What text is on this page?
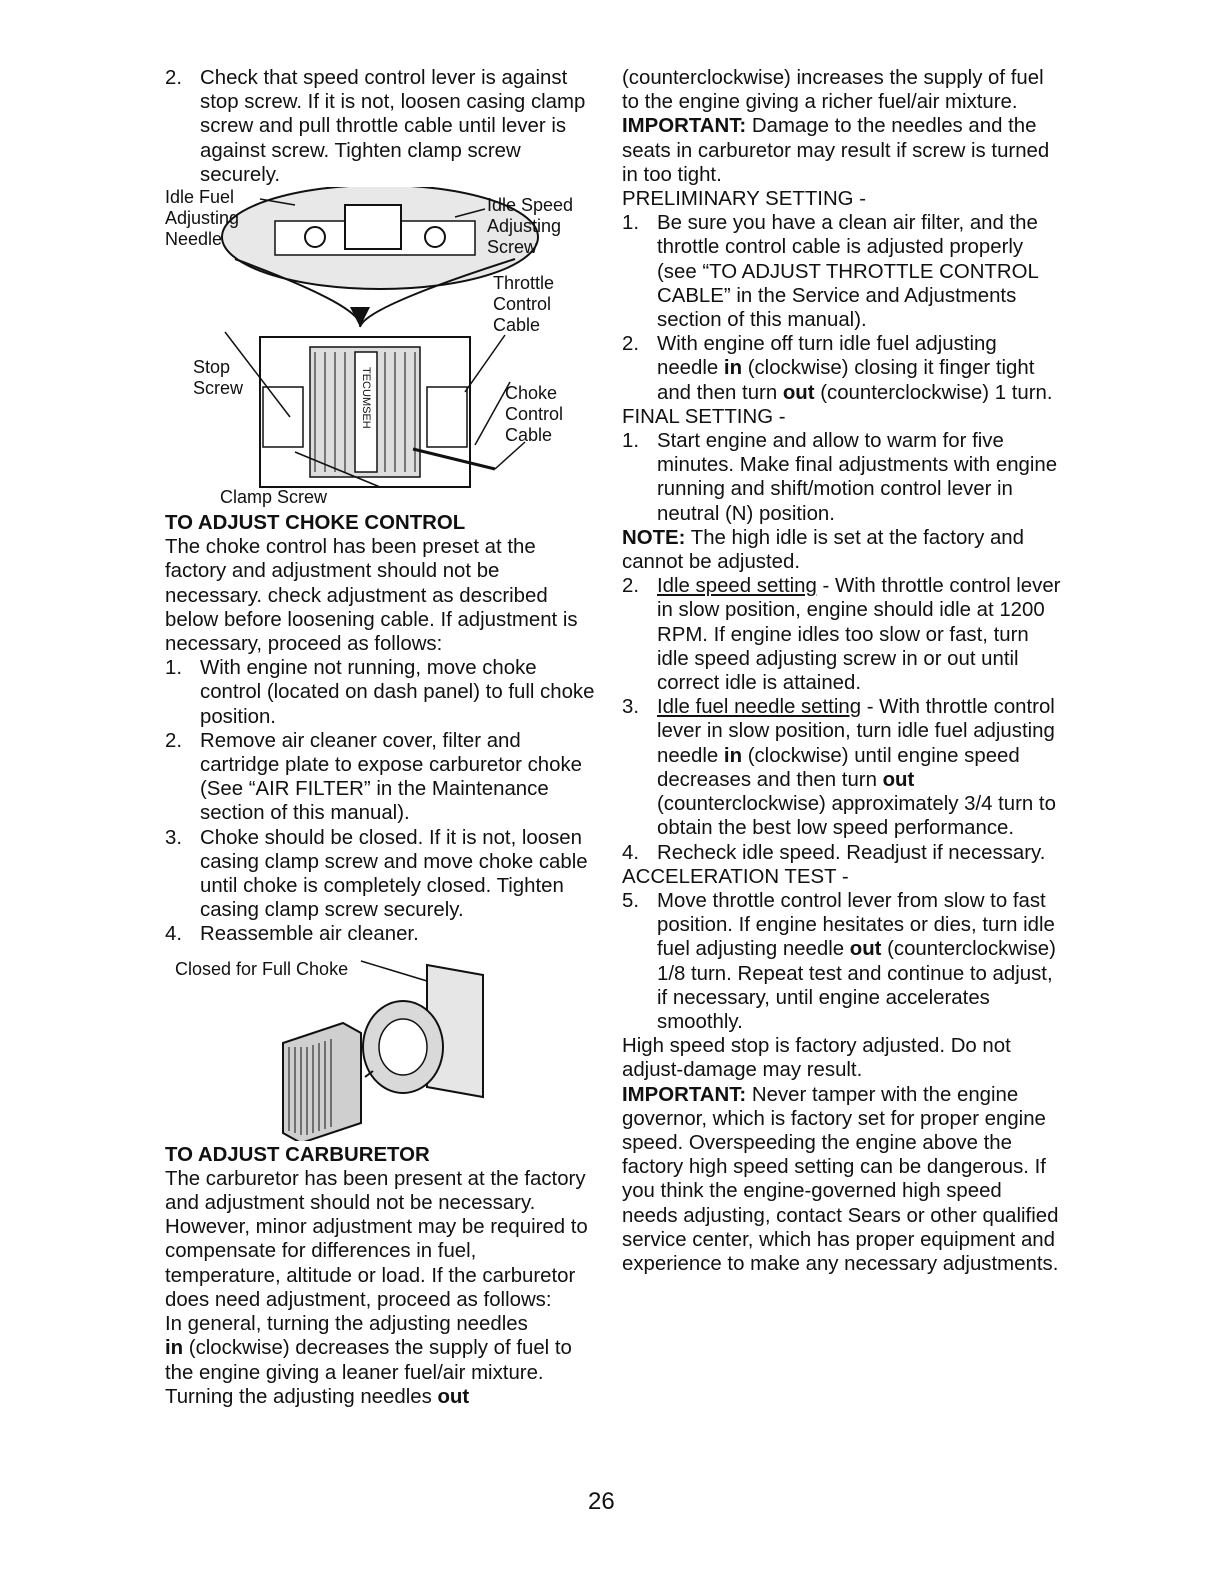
2. Check that speed control lever is against stop screw. If it is not, loosen casing clamp screw and pull throttle cable until lever is against screw. Tighten clamp screw securely.

TECUMSEH
Idle Fuel
Adjusting
Needle
Idle Speed
Adjusting
Screw
Throttle
Control
Cable
Stop
Screw	Choke
Control
Cable
Clamp Screw
TO ADJUST CHOKE CONTROL

The choke control has been preset at the factory and adjustment should not be necessary. check adjustment as described below before loosening cable. If adjustment is necessary, proceed as follows:

1. With engine not running, move choke control (located on dash panel) to full choke position.

2. Remove air cleaner cover, filter and cartridge plate to expose carburetor choke (See “AIR FILTER” in the Maintenance section of this manual).

3. Choke should be closed. If it is not, loosen casing clamp screw and move choke cable until choke is completely closed. Tighten casing clamp screw securely.

4. Reassemble air cleaner.

Closed for Full Choke
TO ADJUST CARBURETOR

The carburetor has been present at the factory and adjustment should not be necessary. However, minor adjustment may be required to compensate for differences in fuel, temperature, altitude or load. If the carburetor does need adjustment, proceed as follows:

In general, turning the adjusting needles
in (clockwise) decreases the supply of fuel to the engine giving a leaner fuel/air mixture. Turning the adjusting needles out

(counterclockwise) increases the supply of fuel to the engine giving a richer fuel/air mixture.

IMPORTANT: Damage to the needles and the seats in carburetor may result if screw is turned in too tight.

PRELIMINARY SETTING -

1. Be sure you have a clean air filter, and the throttle control cable is adjusted properly (see “TO ADJUST THROTTLE CONTROL CABLE” in the Service and Adjustments section of this manual).

2. With engine off turn idle fuel adjusting needle in (clockwise) closing it finger tight and then turn out (counterclockwise) 1 turn.

FINAL SETTING -

1. Start engine and allow to warm for five minutes. Make final adjustments with engine running and shift/motion control lever in neutral (N) position.

NOTE: The high idle is set at the factory and cannot be adjusted.

2. Idle speed setting - With throttle control lever in slow position, engine should idle at 1200 RPM. If engine idles too slow or fast, turn idle speed adjusting screw in or out until correct idle is attained.

3. Idle fuel needle setting - With throttle control lever in slow position, turn idle fuel adjusting needle in (clockwise) until engine speed decreases and then turn out (counterclockwise) approximately 3/4 turn to obtain the best low speed performance.

4. Recheck idle speed. Readjust if necessary.

ACCELERATION TEST -

5. Move throttle control lever from slow to fast position. If engine hesitates or dies, turn idle fuel adjusting needle out (counterclockwise) 1/8 turn. Repeat test and continue to adjust, if necessary, until engine accelerates smoothly.

High speed stop is factory adjusted. Do not adjust-damage may result.

IMPORTANT: Never tamper with the engine governor, which is factory set for proper engine speed. Overspeeding the engine above the factory high speed setting can be dangerous. If you think the engine-governed high speed needs adjusting, contact Sears or other qualified service center, which has proper equipment and experience to make any necessary adjustments.

26
